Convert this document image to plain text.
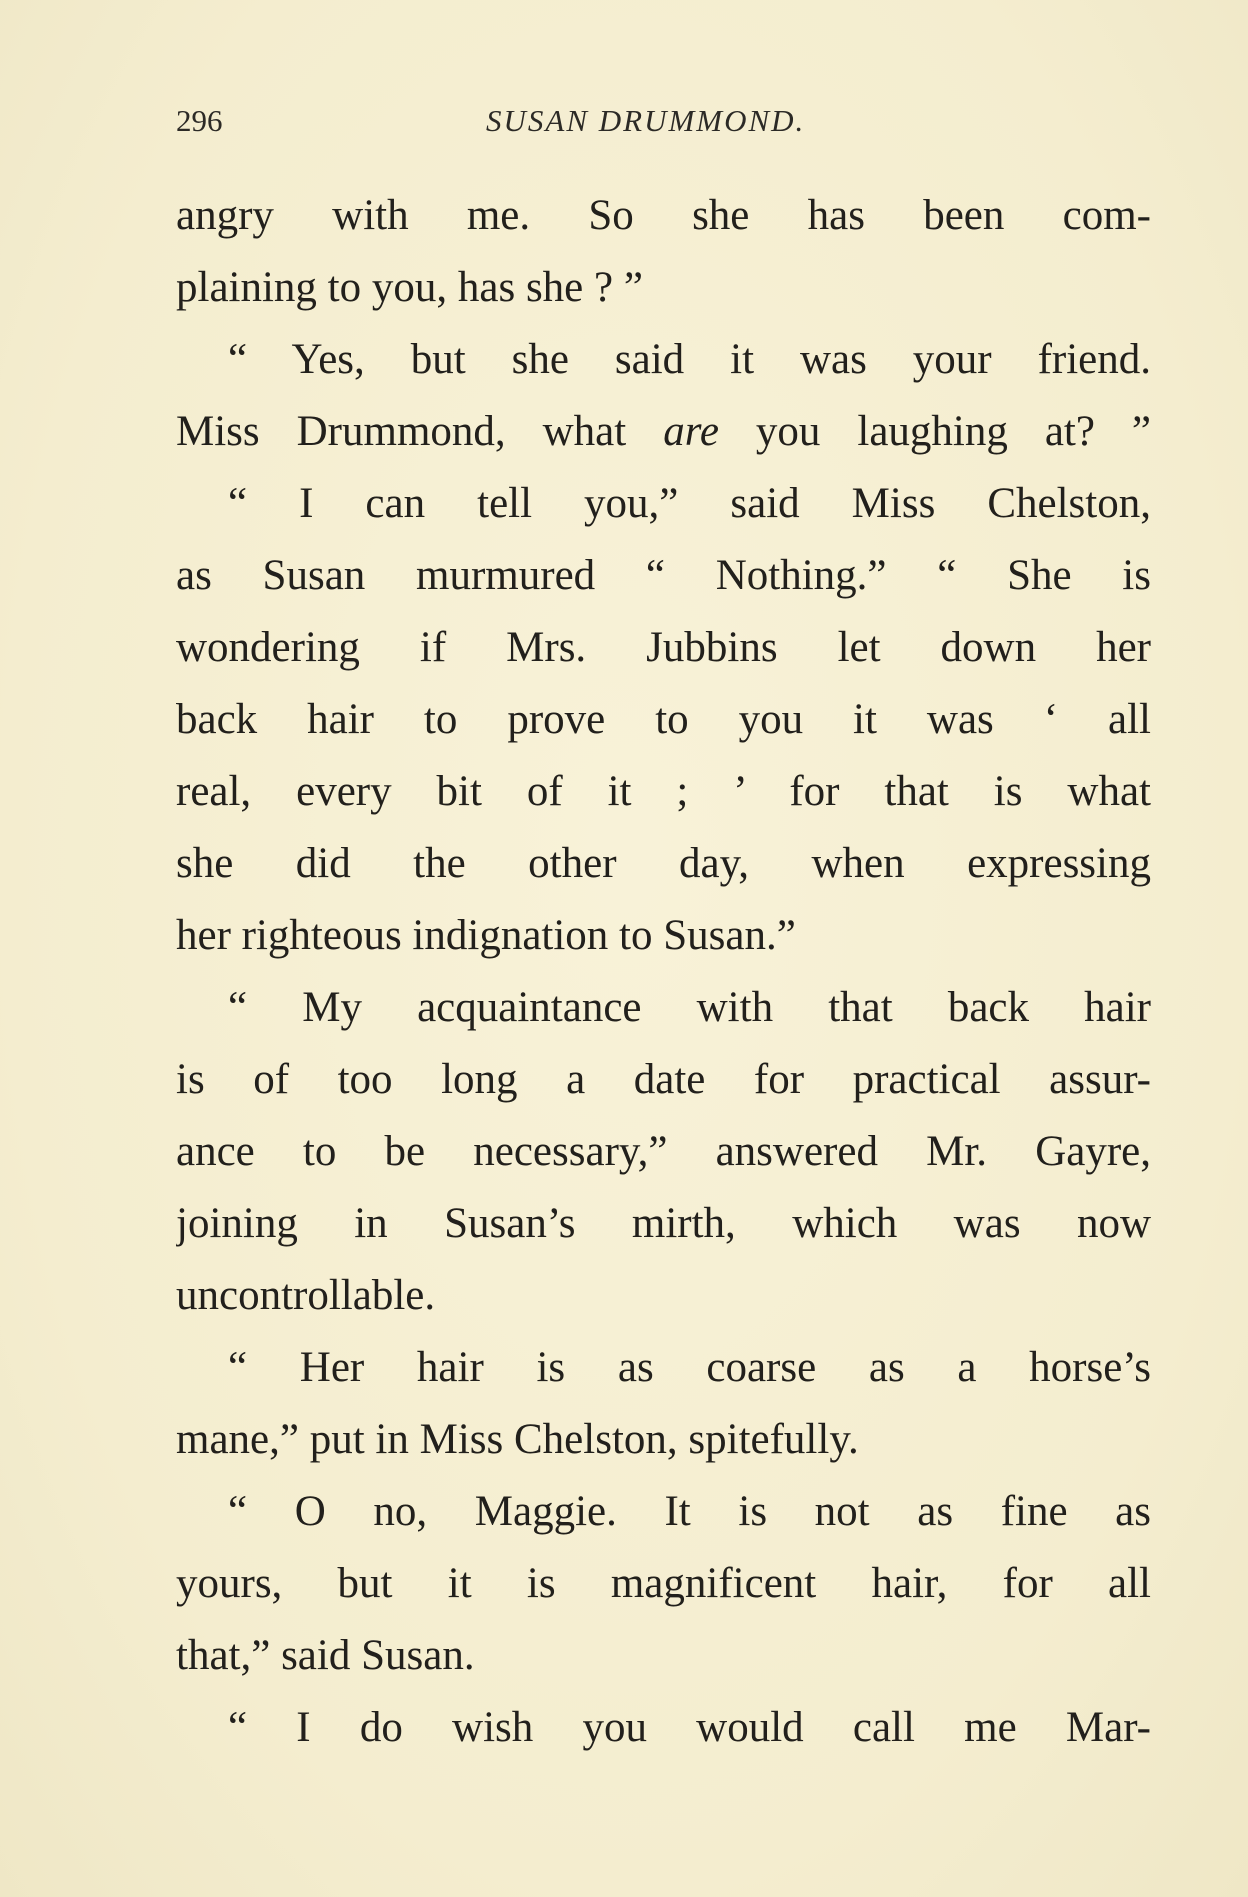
296	SUSAN DRUMMOND.
angry with me. So she has been com-
plaining to you, has she ? ”
“ Yes, but she said it was your friend.
Miss Drummond, what are you laughing at? ”
“ I can tell you,” said Miss Chelston,
as Susan murmured “ Nothing.” “ She is
wondering if Mrs. Jubbins let down her
back hair to prove to you it was ‘ all
real, every bit of it ; ’ for that is what
she did the other day, when expressing
her righteous indignation to Susan.”
“ My acquaintance with that back hair
is of too long a date for practical assur-
ance to be necessary,” answered Mr. Gayre,
joining in Susan’s mirth, which was now
uncontrollable.
“ Her hair is as coarse as a horse’s
mane,” put in Miss Chelston, spitefully.
“ O no, Maggie. It is not as fine as
yours, but it is magnificent hair, for all
that,” said Susan.
“ I do wish you would call me Mar-
